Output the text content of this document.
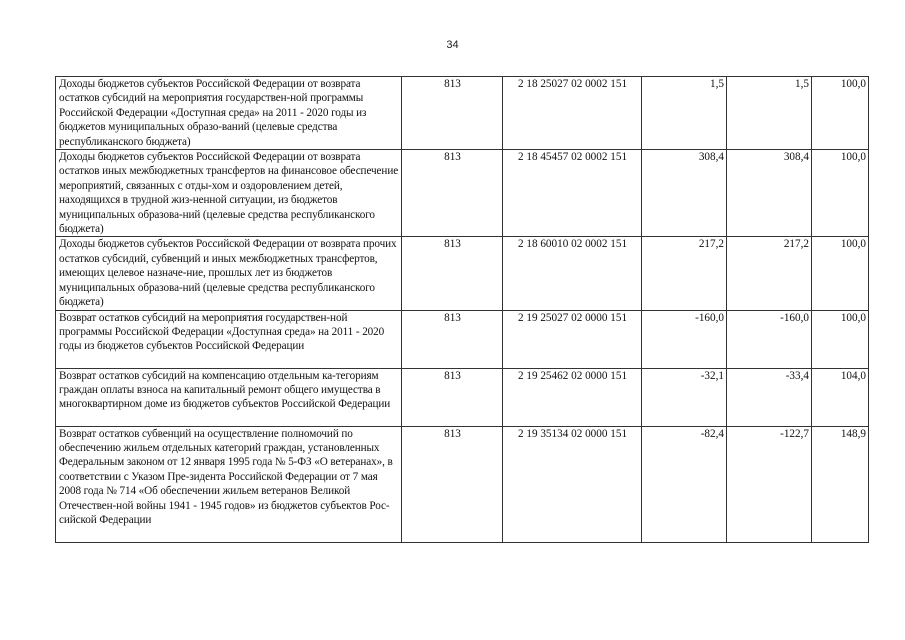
34
Доходы бюджетов субъектов Российской Федерации от возврата остатков субсидий на мероприятия государствен-ной программы Российской Федерации «Доступная среда» на 2011 - 2020 годы из бюджетов муниципальных образо-ваний (целевые средства республиканского бюджета)	813	2 18 25027 02 0002 151	1,5	1,5	100,0
Доходы бюджетов субъектов Российской Федерации от возврата остатков иных межбюджетных трансфертов на финансовое обеспечение мероприятий, связанных с отды-хом и оздоровлением детей, находящихся в трудной жиз-ненной ситуации, из бюджетов муниципальных образова-ний (целевые средства республиканского бюджета)	813	2 18 45457 02 0002 151	308,4	308,4	100,0
Доходы бюджетов субъектов Российской Федерации от возврата прочих остатков субсидий, субвенций и иных межбюджетных трансфертов, имеющих целевое назначе-ние, прошлых лет из бюджетов муниципальных образова-ний (целевые средства республиканского бюджета)	813	2 18 60010 02 0002 151	217,2	217,2	100,0
Возврат остатков субсидий на мероприятия государствен-ной программы Российской Федерации «Доступная среда» на 2011 - 2020 годы из бюджетов субъектов Российской Федерации	813	2 19 25027 02 0000 151	-160,0	-160,0	100,0
Возврат остатков субсидий на компенсацию отдельным ка-тегориям граждан оплаты взноса на капитальный ремонт общего имущества в многоквартирном доме из бюджетов субъектов Российской Федерации	813	2 19 25462 02 0000 151	-32,1	-33,4	104,0
Возврат остатков субвенций на осуществление полномочий по обеспечению жильем отдельных категорий граждан, установленных Федеральным законом от 12 января 1995 года № 5-ФЗ «О ветеранах», в соответствии с Указом Пре-зидента Российской Федерации от 7 мая 2008 года № 714 «Об обеспечении жильем ветеранов Великой Отечествен-ной войны 1941 - 1945 годов» из бюджетов субъектов Рос-сийской Федерации	813	2 19 35134 02 0000 151	-82,4	-122,7	148,9
